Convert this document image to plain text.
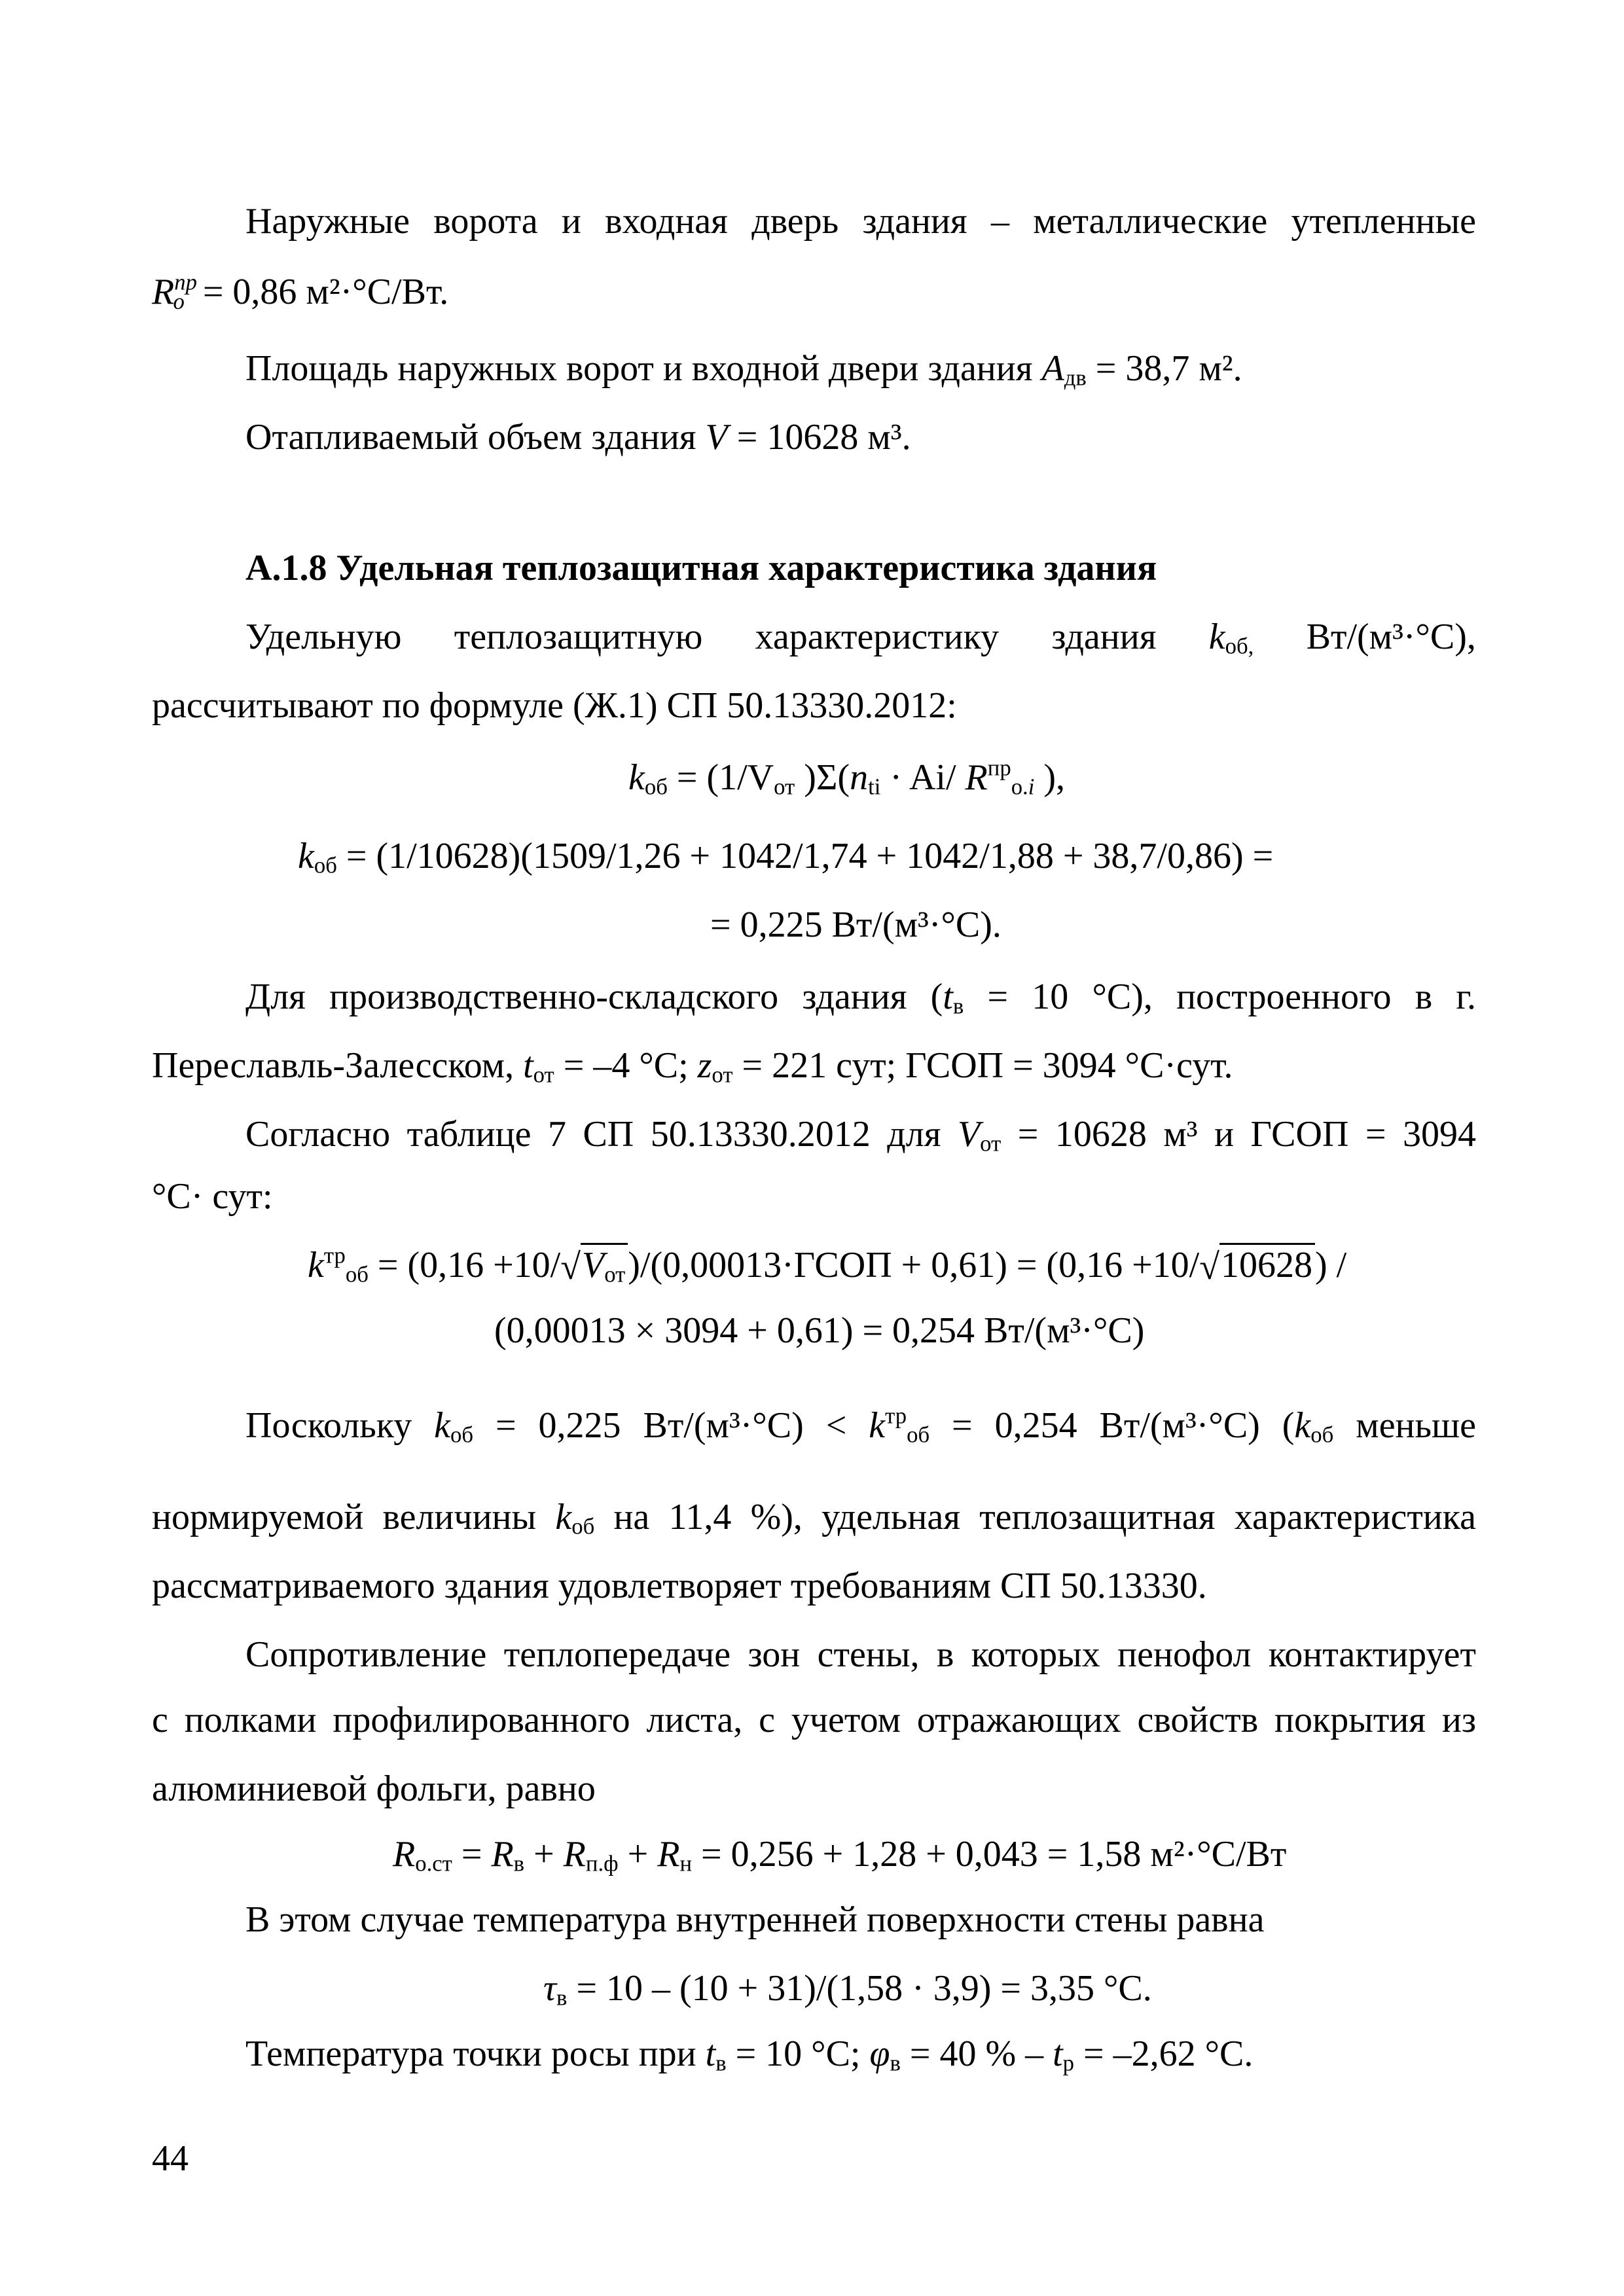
Наружные ворота и входная дверь здания – металлические утепленные
$R^{пр}_o = 0,86$ м²·°С/Вт.
Площадь наружных ворот и входной двери здания $А_{дв} = 38,7$ м².
Отапливаемый объем здания V = 10628 м³.
А.1.8 Удельная теплозащитная характеристика здания
Удельную теплозащитную характеристику здания $k_{об,}$ Вт/(м³·°С),
рассчитывают по формуле (Ж.1) СП 50.13330.2012:
$k_{об} = (1/V_{от}$ )$\Sigma(n_{ti} \cdot Ai/$ $R^{пр}_{o.i}$ ),
$k_{об} = (1/10628)(1509/1,26 + 1042/1,74 + 1042/1,88 + 38,7/0,86)$ =
= 0,225 Вт/(м³·°С).
Для производственно-складского здания ($t_в = 10$ °С), построенного в г.
Переславль-Залесском, $t_{от} = -4$ °С; $z_{от} = 221$ сут; ГСОП = 3094 °С·сут.
Согласно таблице 7 СП 50.13330.2012 для $V_{от} = 10628$ м³ и ГСОП = 3094
°С· сут:
$k^{тр}_{об} = (0,16$ $+10/√V_{от})/(0,00013\cdot ГСОП + 0,61) = (0,16 +10/√10628)$ /
(0,00013 × 3094 + 0,61) = 0,254 Вт/(м³·°С)
Поскольку $k_{об} = 0,225$ $Вт/(м^3\cdot^\circ С) < k^{тр}_{об} = 0,254$ Вт/(м³·°С) ($k_{об}$ меньше
нормируемой величины $k_{об}$ на 11,4 %), удельная теплозащитная характеристика
рассматриваемого здания удовлетворяет требованиям СП 50.13330.
Сопротивление теплопередаче зон стены, в которых пенофол контактирует
с полками профилированного листа, с учетом отражающих свойств покрытия из
алюминиевой фольги, равно
$R_{о.ст} = R_в + R_{п.ф} + R_н = 0,256 + 1,28 + 0,043 = 1,58$ м²·°С/Вт
В этом случае температура внутренней поверхности стены равна
$\tau_в = 10 - (10 + 31)/(1,58 \cdot 3,9) = 3,35$ °С.
Температура точки росы при $t_в = 10$ °С; $\varphi_в = 40$ % – $t_р = -2,62$ °С.
44
